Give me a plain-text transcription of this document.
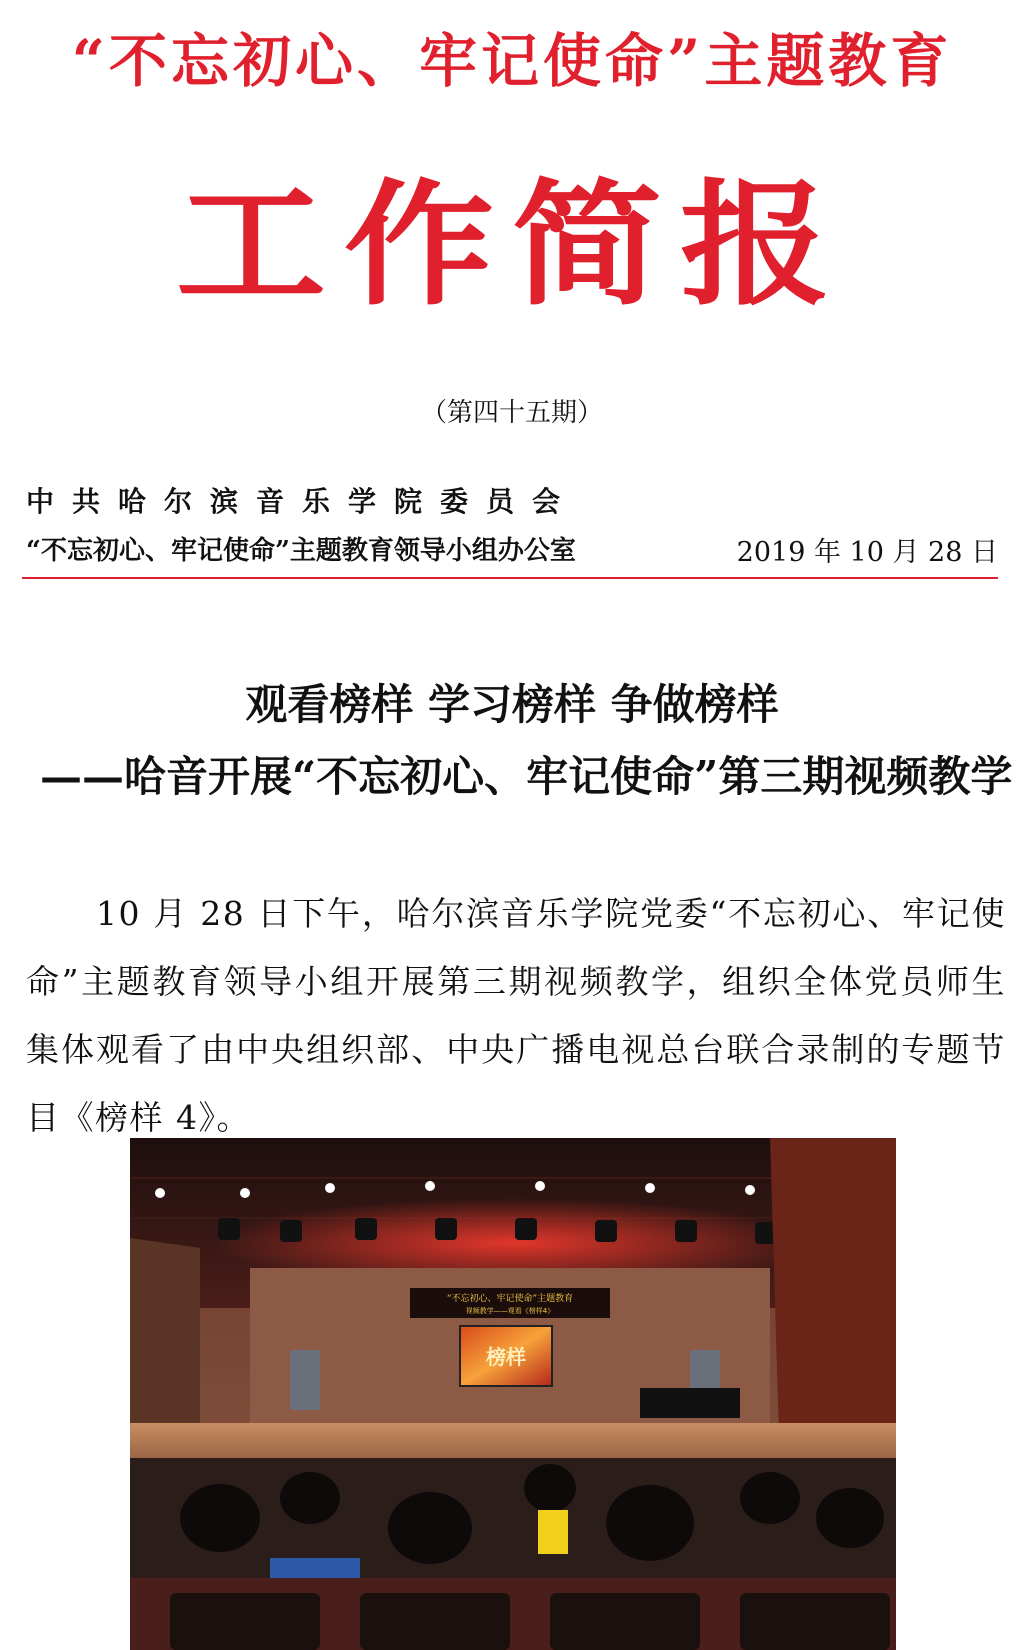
“不忘初心、牢记使命”主题教育
工作简报
（第四十五期）
中共哈尔滨音乐学院委员会
“不忘初心、牢记使命”主题教育领导小组办公室	2019 年 10 月 28 日
观看榜样 学习榜样 争做榜样
——哈音开展“不忘初心、牢记使命”第三期视频教学

10 月 28 日下午，哈尔滨音乐学院党委“不忘初心、牢记使命”主题教育领导小组开展第三期视频教学，组织全体党员师生集体观看了由中央组织部、中央广播电视总台联合录制的专题节目《榜样 4》。

“不忘初心、牢记使命”主题教育
视频教学——观看《榜样4》
榜样
